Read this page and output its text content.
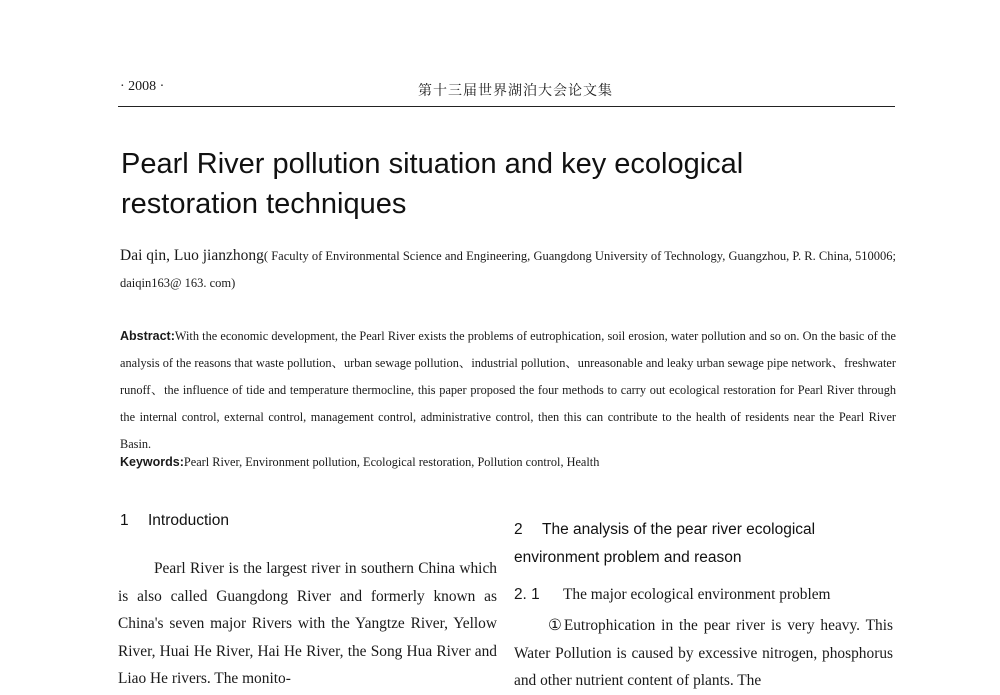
· 2008 ·	第十三届世界湖泊大会论文集
Pearl River pollution situation and key ecological restoration techniques
Dai qin, Luo jianzhong( Faculty of Environmental Science and Engineering, Guangdong University of Technology, Guangzhou, P. R. China, 510006; daiqin163@ 163. com)

Abstract:With the economic development, the Pearl River exists the problems of eutrophication, soil erosion, water pollution and so on. On the basic of the analysis of the reasons that waste pollution、urban sewage pollution、industrial pollution、unreasonable and leaky urban sewage pipe network、freshwater runoff、the influence of tide and temperature thermocline, this paper proposed the four methods to carry out ecological restoration for Pearl River through the internal control, external control, management control, administrative control, then this can contribute to the health of residents near the Pearl River Basin.

Keywords:Pearl River, Environment pollution, Ecological restoration, Pollution control, Health
1 Introduction

Pearl River is the largest river in southern China which is also called Guangdong River and formerly known as China's seven major Rivers with the Yangtze River, Yellow River, Huai He River, Hai He River, the Song Hua River and Liao He rivers. The monito-

2 The analysis of the pear river ecological environment problem and reason
2. 1 The major ecological environment problem

①Eutrophication in the pear river is very heavy. This Water Pollution is caused by excessive nitrogen, phosphorus and other nutrient content of plants. The
